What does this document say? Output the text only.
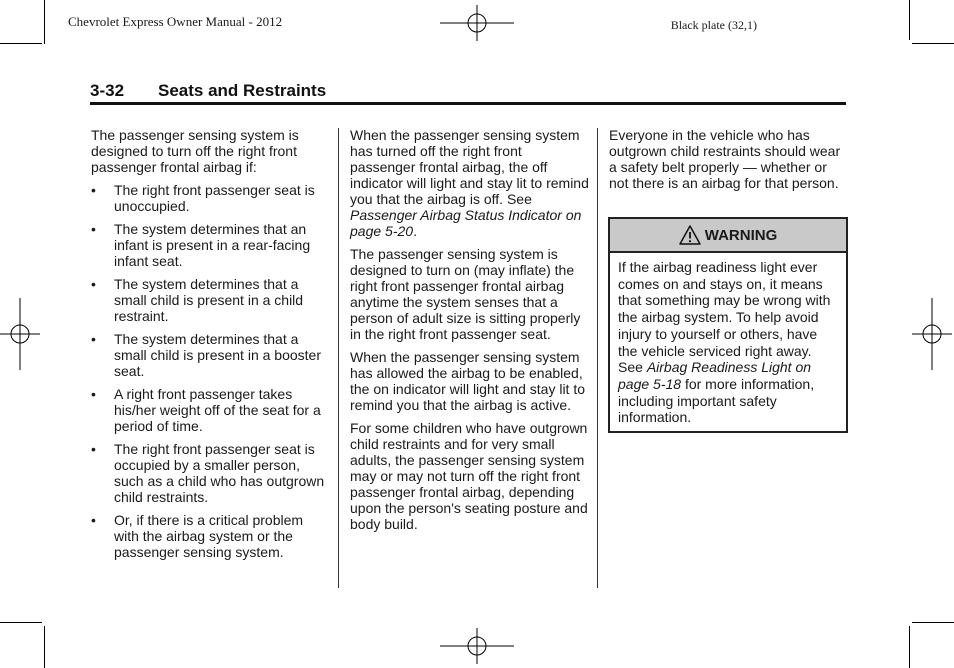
Chevrolet Express Owner Manual - 2012	Black plate (32,1)
3-32 Seats and Restraints

The passenger sensing system is designed to turn off the right front passenger frontal airbag if:

• The right front passenger seat is unoccupied.
• The system determines that an infant is present in a rear-facing infant seat.
• The system determines that a small child is present in a child restraint.
• The system determines that a small child is present in a booster seat.
• A right front passenger takes his/her weight off of the seat for a period of time.
• The right front passenger seat is occupied by a smaller person, such as a child who has outgrown child restraints.
• Or, if there is a critical problem with the airbag system or the passenger sensing system.

When the passenger sensing system has turned off the right front passenger frontal airbag, the off indicator will light and stay lit to remind you that the airbag is off. See Passenger Airbag Status Indicator on page 5-20.

The passenger sensing system is designed to turn on (may inflate) the right front passenger frontal airbag anytime the system senses that a person of adult size is sitting properly in the right front passenger seat.

When the passenger sensing system has allowed the airbag to be enabled, the on indicator will light and stay lit to remind you that the airbag is active.

For some children who have outgrown child restraints and for very small adults, the passenger sensing system may or may not turn off the right front passenger frontal airbag, depending upon the person's seating posture and body build.

Everyone in the vehicle who has outgrown child restraints should wear a safety belt properly — whether or not there is an airbag for that person.

WARNING
If the airbag readiness light ever comes on and stays on, it means that something may be wrong with the airbag system. To help avoid injury to yourself or others, have the vehicle serviced right away. See Airbag Readiness Light on page 5-18 for more information, including important safety information.
